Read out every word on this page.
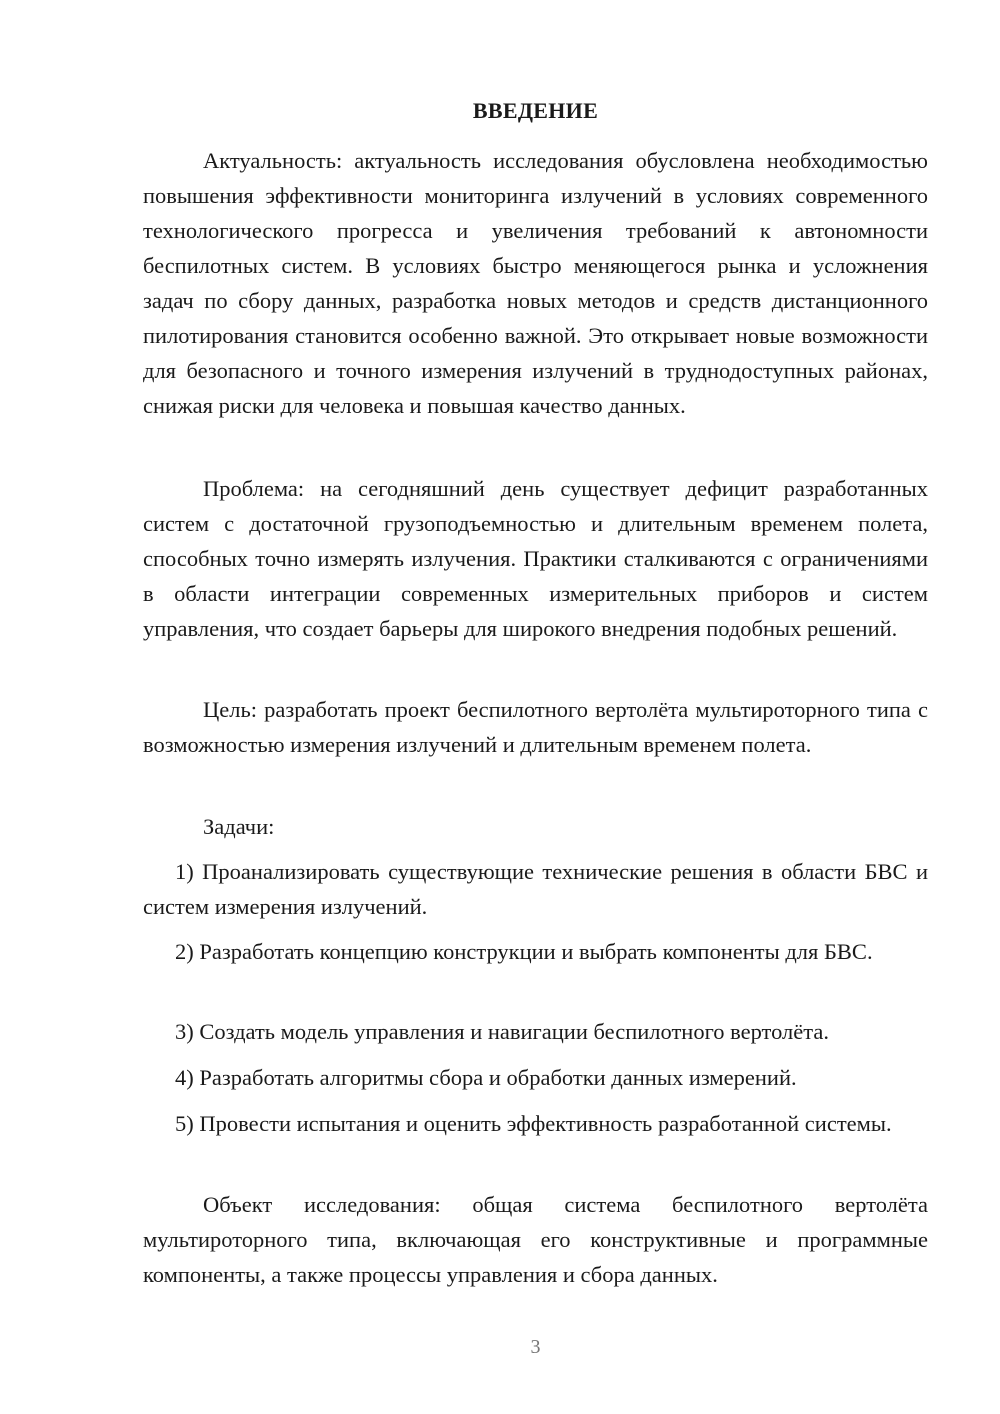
ВВЕДЕНИЕ

Актуальность: актуальность исследования обусловлена необходимостью повышения эффективности мониторинга излучений в условиях современного технологического прогресса и увеличения требований к автономности беспилотных систем. В условиях быстро меняющегося рынка и усложнения задач по сбору данных, разработка новых методов и средств дистанционного пилотирования становится особенно важной. Это открывает новые возможности для безопасного и точного измерения излучений в труднодоступных районах, снижая риски для человека и повышая качество данных.

Проблема: на сегодняшний день существует дефицит разработанных систем с достаточной грузоподъемностью и длительным временем полета, способных точно измерять излучения. Практики сталкиваются с ограничениями в области интеграции современных измерительных приборов и систем управления, что создает барьеры для широкого внедрения подобных решений.

Цель: разработать проект беспилотного вертолёта мультироторного типа с возможностью измерения излучений и длительным временем полета.

Задачи:

1) Проанализировать существующие технические решения в области БВС и систем измерения излучений.

2) Разработать концепцию конструкции и выбрать компоненты для БВС.

3) Создать модель управления и навигации беспилотного вертолёта.

4) Разработать алгоритмы сбора и обработки данных измерений.

5) Провести испытания и оценить эффективность разработанной системы.

Объект исследования: общая система беспилотного вертолёта мультироторного типа, включающая его конструктивные и программные компоненты, а также процессы управления и сбора данных.

3
